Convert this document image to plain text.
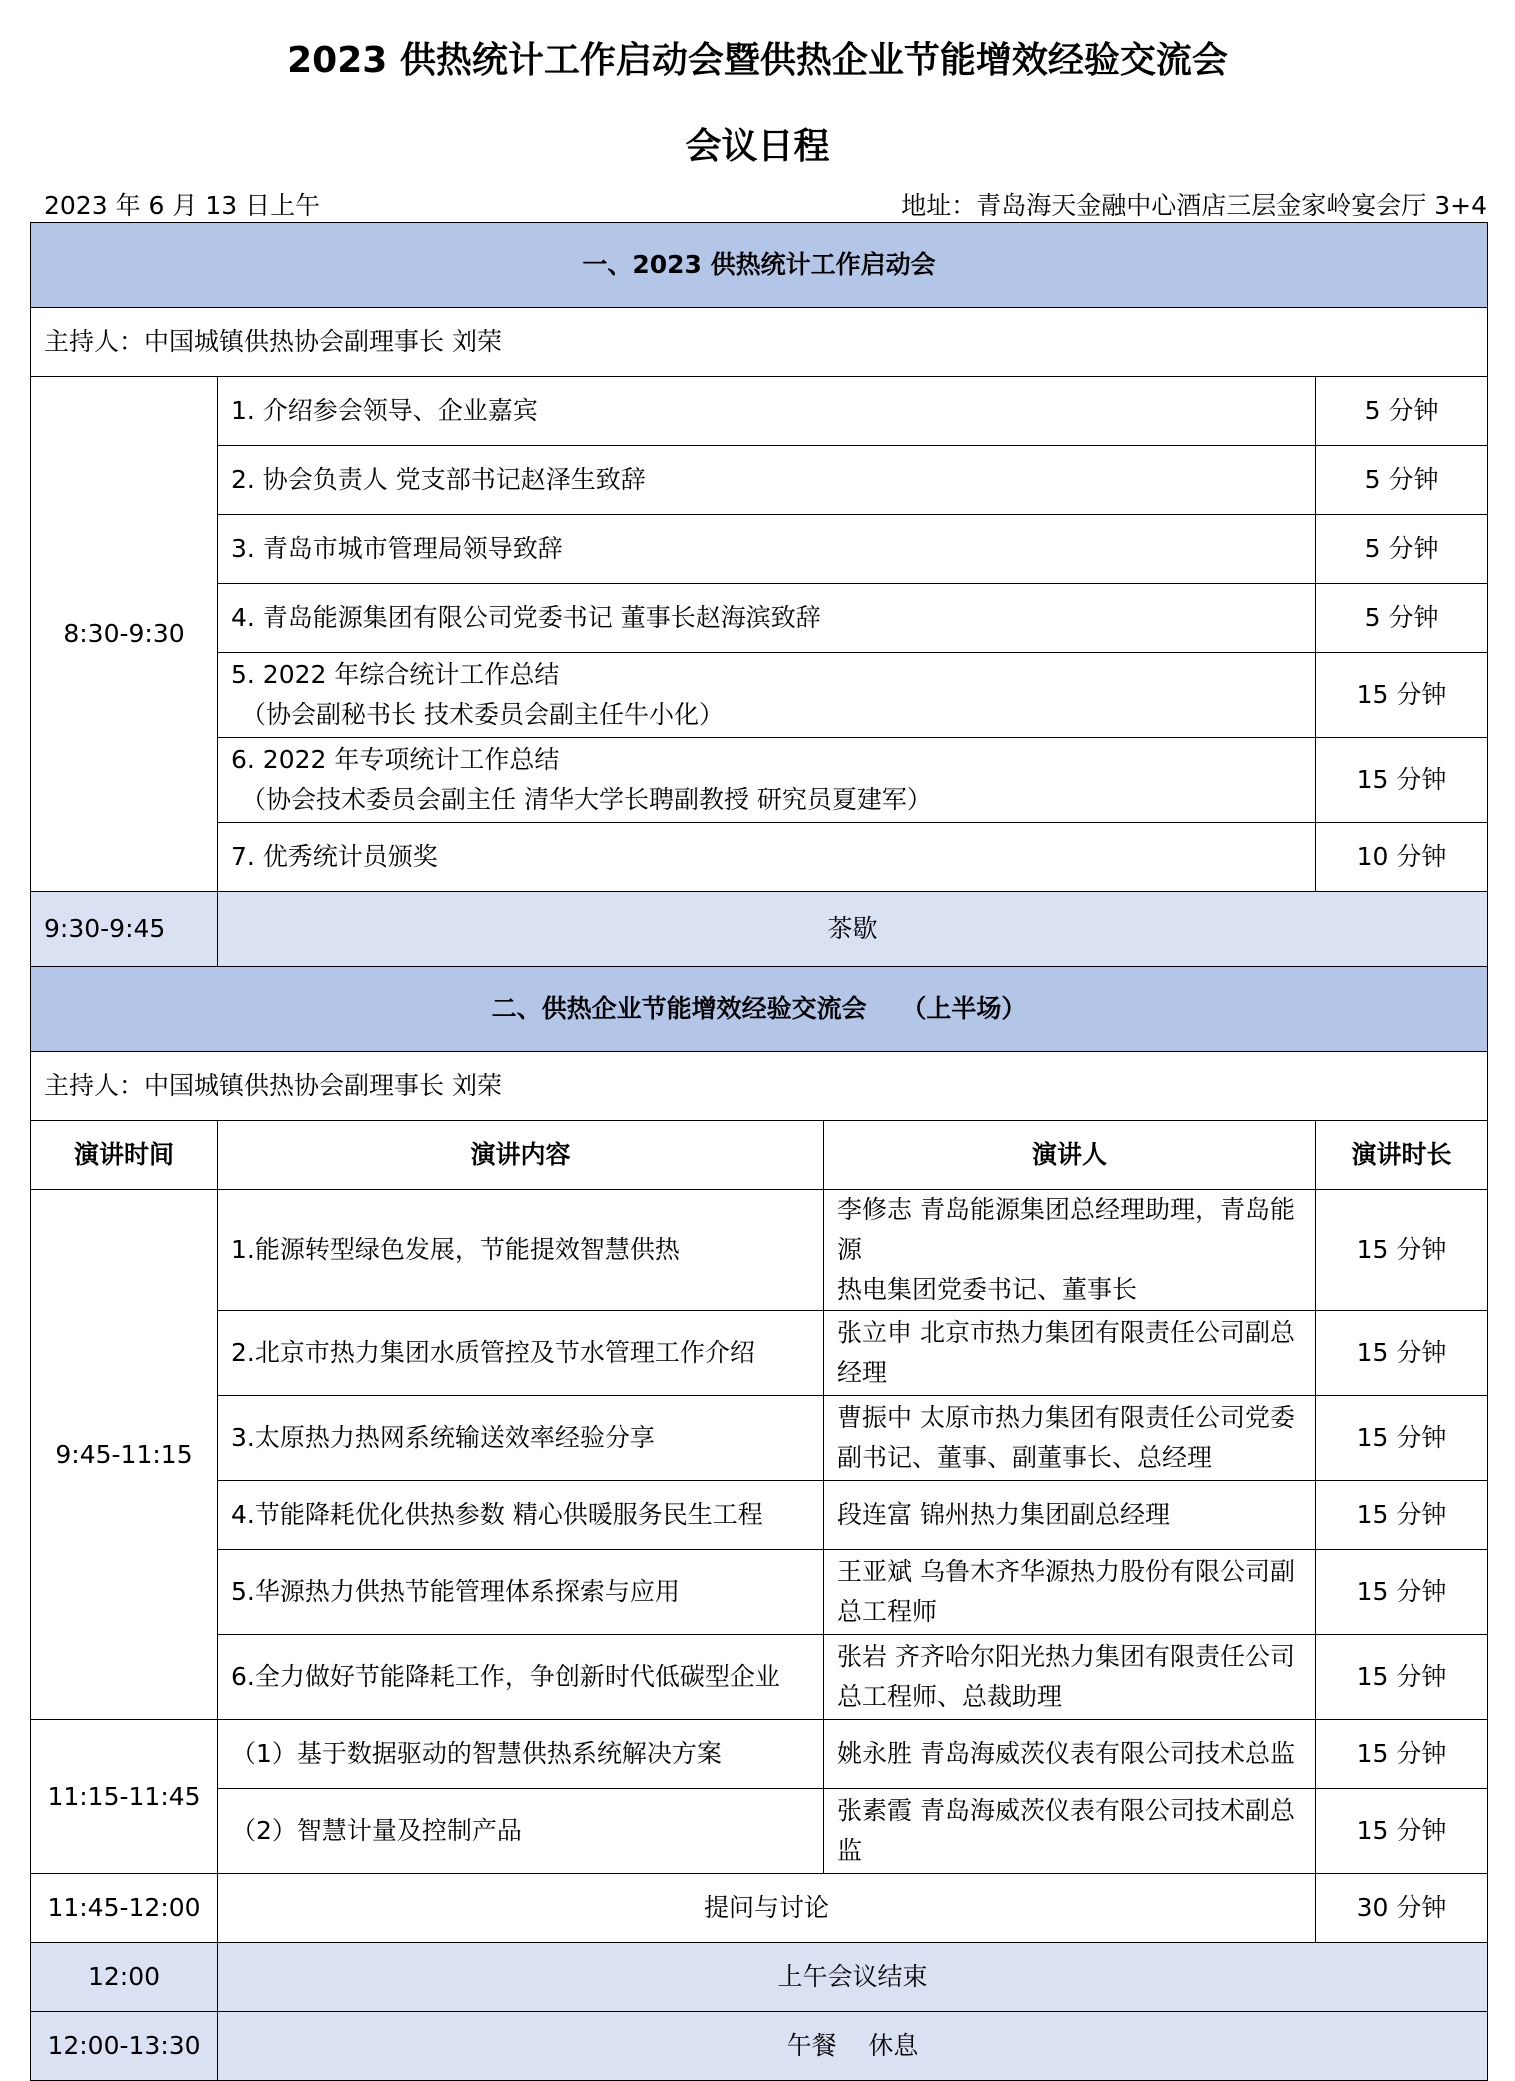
2023 供热统计工作启动会暨供热企业节能增效经验交流会
会议日程
2023 年 6 月 13 日上午	地址：青岛海天金融中心酒店三层金家岭宴会厅 3+4
一、2023 供热统计工作启动会			
主持人：中国城镇供热协会副理事长 刘荣			
8:30-9:30	1. 介绍参会领导、企业嘉宾		5 分钟
	2. 协会负责人 党支部书记赵泽生致辞		5 分钟
	3. 青岛市城市管理局领导致辞		5 分钟
	4. 青岛能源集团有限公司党委书记 董事长赵海滨致辞		5 分钟

	5. 2022 年综合统计工作总结
（协会副秘书长 技术委员会副主任牛小化）		15 分钟

	6. 2022 年专项统计工作总结
（协会技术委员会副主任 清华大学长聘副教授 研究员夏建军）		15 分钟
	7. 优秀统计员颁奖		10 分钟
9:30-9:45	茶歇		
二、供热企业节能增效经验交流会    （上半场）			
主持人：中国城镇供热协会副理事长 刘荣			
演讲时间	演讲内容	演讲人	演讲时长
9:45-11:15	1.能源转型绿色发展，节能提效智慧供热	李修志 青岛能源集团总经理助理，青岛能源
热电集团党委书记、董事长	15 分钟
	2.北京市热力集团水质管控及节水管理工作介绍	张立申 北京市热力集团有限责任公司副总
经理	15 分钟
	3.太原热力热网系统输送效率经验分享	曹振中 太原市热力集团有限责任公司党委
副书记、董事、副董事长、总经理	15 分钟
	4.节能降耗优化供热参数 精心供暖服务民生工程	段连富 锦州热力集团副总经理	15 分钟
	5.华源热力供热节能管理体系探索与应用	王亚斌 乌鲁木齐华源热力股份有限公司副
总工程师	15 分钟
	6.全力做好节能降耗工作，争创新时代低碳型企业	张岩 齐齐哈尔阳光热力集团有限责任公司
总工程师、总裁助理	15 分钟
11:15-11:45	（1）基于数据驱动的智慧供热系统解决方案	姚永胜 青岛海威茨仪表有限公司技术总监	15 分钟
	（2）智慧计量及控制产品	张素霞 青岛海威茨仪表有限公司技术副总
监	15 分钟
11:45-12:00	提问与讨论		30 分钟
12:00	上午会议结束		
12:00-13:30	午餐    休息		
